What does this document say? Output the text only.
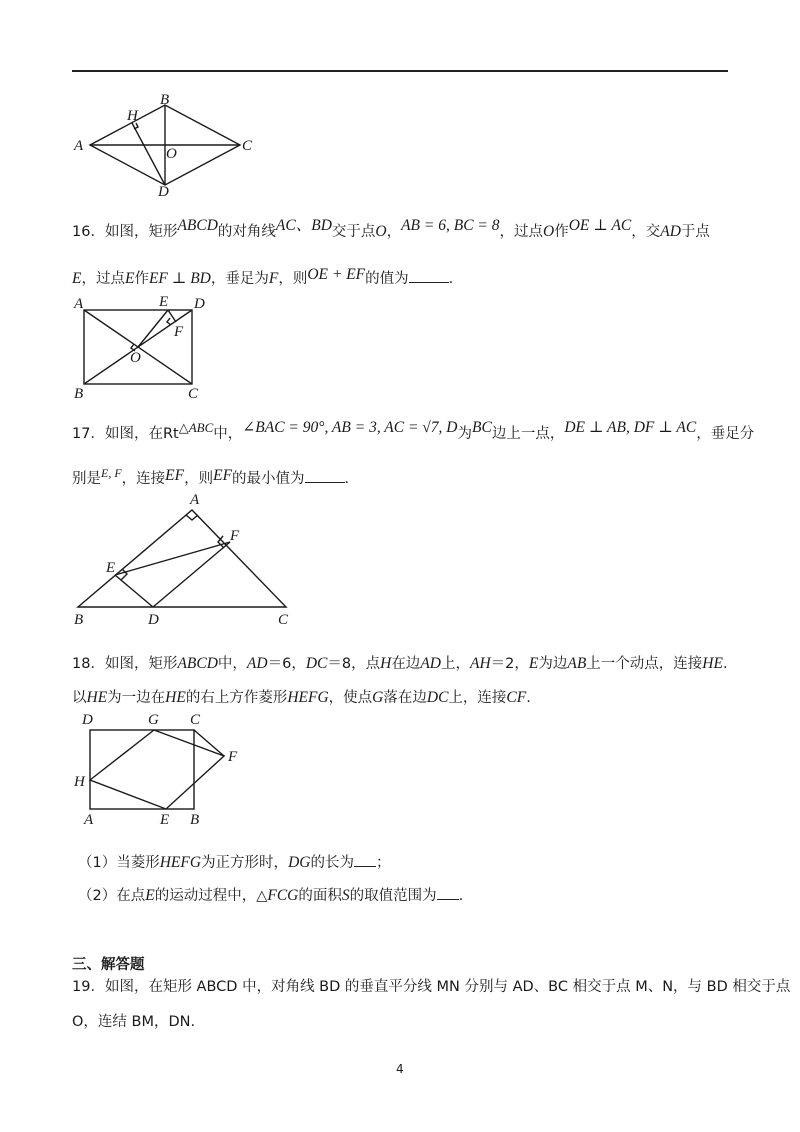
A
B
C
D
O
H
16．如图，矩形ABCD的对角线AC、BD交于点O，AB = 6, BC = 8，过点O作OE ⊥ AC，交AD于点
E，过点E作EF ⊥ BD，垂足为F，则OE + EF的值为	.
A	E D
F
O
B	C
17．如图，在Rt△ABC中，∠BAC = 90°, AB = 3, AC = √7, D为BC边上一点，DE ⊥ AB, DF ⊥ AC，垂足分
别是$^{E, F}$，连接EF，则EF的最小值为	.
A
F
E
B	D	C
18．如图，矩形ABCD中，AD＝6，DC＝8，点H在边AD上，AH＝2，E为边AB上一个动点，连接HE.
以HE为一边在HE的右上方作菱形HEFG，使点G落在边DC上，连接CF.
D	G C
F
H
A	E B
（1）当菱形HEFG为正方形时，DG的长为 ；
（2）在点E的运动过程中，△FCG的面积S的取值范围为 .
三、解答题
19．如图，在矩形 ABCD 中，对角线 BD 的垂直平分线 MN 分别与 AD、BC 相交于点 M、N，与 BD 相交于点
O，连结 BM，DN.
4
